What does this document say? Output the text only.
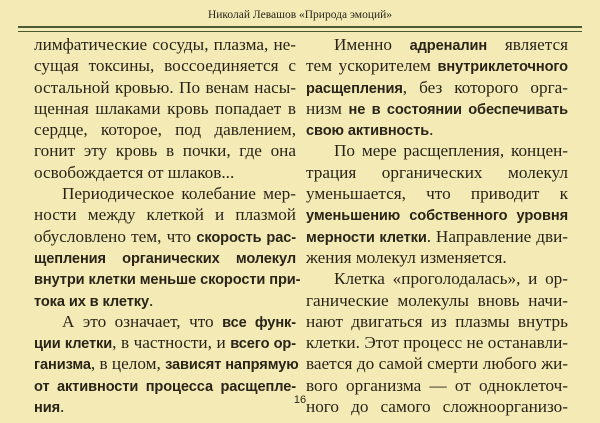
Николай Левашов «Природа эмоций»
лимфатические сосуды, плазма, не-
сущая токсины, воссоединяется с
остальной кровью. По венам насы-
щенная шлаками кровь попадает в
сердце, которое, под давлением,
гонит эту кровь в почки, где она
освобождается от шлаков...
Периодическое колебание мер-
ности между клеткой и плазмой
обусловлено тем, что скорость рас-
щепления органических молекул
внутри клетки меньше скорости при-
тока их в клетку.
А это означает, что все функ-
ции клетки, в частности, и всего ор-
ганизма, в целом, зависят напрямую
от активности процесса расщепле-
ния.
Именно адреналин является
тем ускорителем внутриклеточного
расщепления, без которого орга-
низм не в состоянии обеспечивать
свою активность.
По мере расщепления, концен-
трация органических молекул
уменьшается, что приводит к
уменьшению собственного уровня
мерности клетки. Направление дви-
жения молекул изменяется.
Клетка «проголодалась», и ор-
ганические молекулы вновь начи-
нают двигаться из плазмы внутрь
клетки. Этот процесс не останавли-
вается до самой смерти любого жи-
вого организма — от одноклеточ-
ного до самого сложноорганизо-
16
